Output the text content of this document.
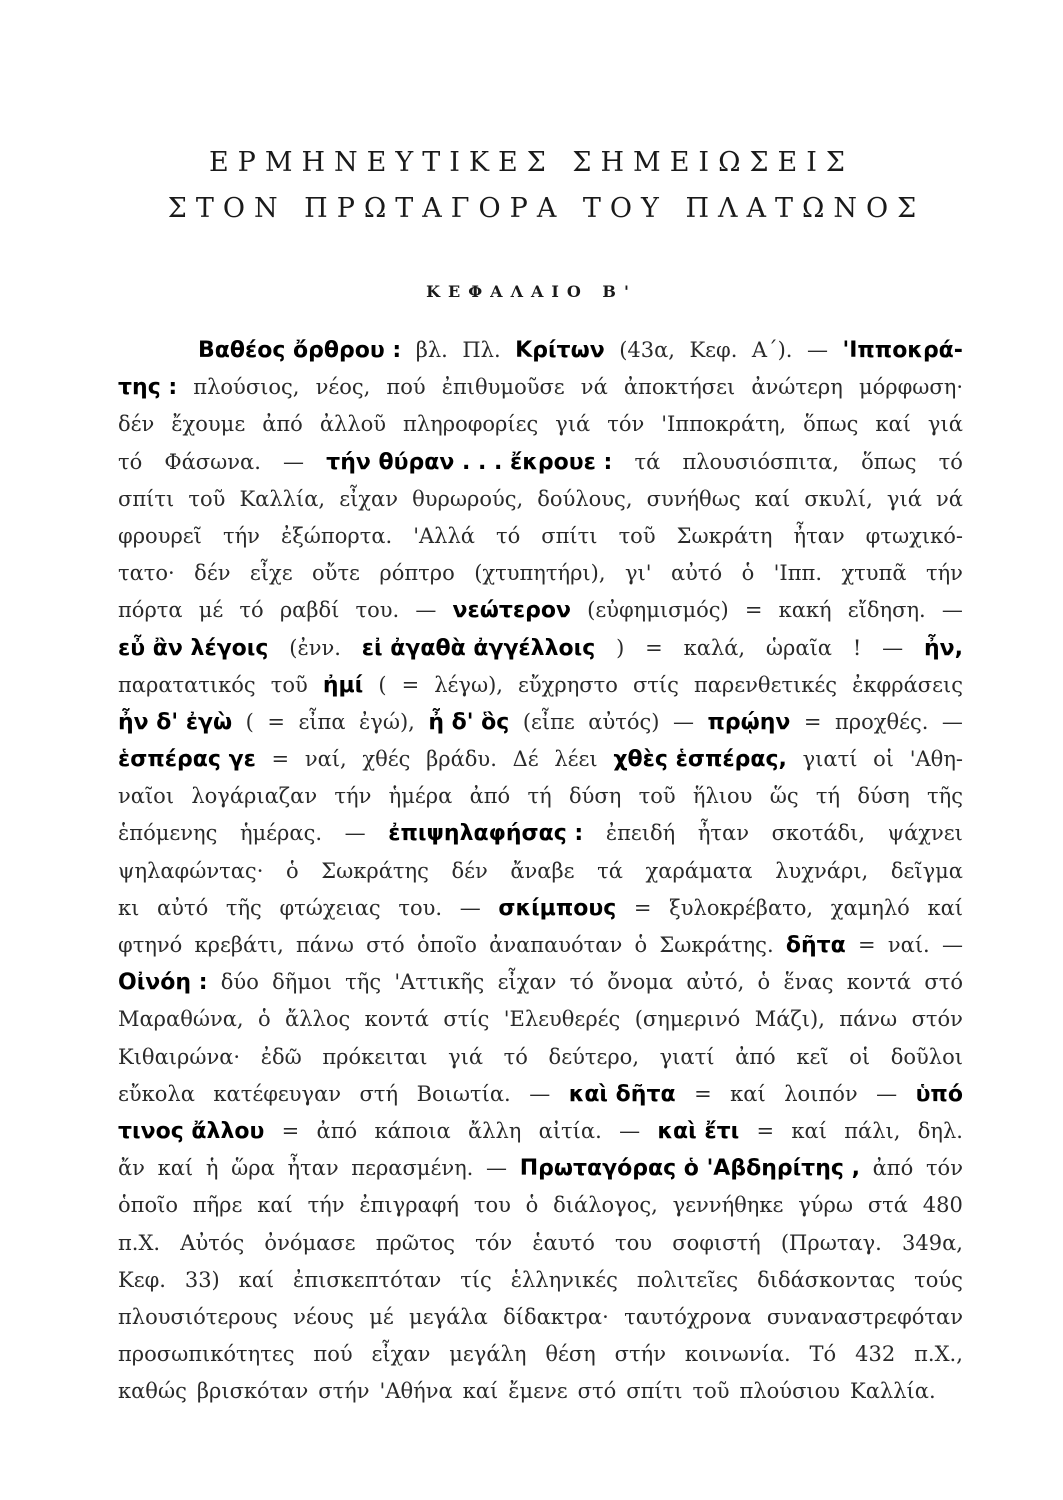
ΕΡΜΗΝΕΥΤΙΚΕΣ ΣΗΜΕΙΩΣΕΙΣ
ΣΤΟΝ ΠΡΩΤΑΓΟΡΑ ΤΟΥ ΠΛΑΤΩΝΟΣ
ΚΕΦΑΛΑΙΟ Β'
Βαθέος ὄρθρου : βλ. Πλ. Κρίτων (43α, Κεφ. Α΄). — 'Ιπποκρά-
της : πλούσιος, νέος, πού ἐπιθυμοῦσε νά ἀποκτήσει ἀνώτερη μόρφωση·
δέν ἔχουμε ἀπό ἀλλοῦ πληροφορίες γιά τόν 'Ιπποκράτη, ὅπως καί γιά
τό Φάσωνα. — τήν θύραν . . . ἔκρουε : τά πλουσιόσπιτα, ὅπως τό
σπίτι τοῦ Καλλία, εἶχαν θυρωρούς, δούλους, συνήθως καί σκυλί, γιά νά
φρουρεῖ τήν ἐξώπορτα. 'Αλλά τό σπίτι τοῦ Σωκράτη ἦταν φτωχικό-
τατο· δέν εἶχε οὔτε ρόπτρο (χτυπητήρι), γι' αὐτό ὁ 'Ιππ. χτυπᾶ τήν
πόρτα μέ τό ραβδί του. — νεώτερον (εὐφημισμός) = κακή εἴδηση. —
εὖ ἂν λέγοις (ἐνν. εἰ ἀγαθὰ ἀγγέλλοις ) = καλά, ὡραῖα ! — ἦν,
παρατατικός τοῦ ἠμί ( = λέγω), εὔχρηστο στίς παρενθετικές ἐκφράσεις
ἦν δ' ἐγὼ ( = εἶπα ἐγώ), ἦ δ' ὃς (εἶπε αὐτός) — πρῴην = προχθές. —
ἑσπέρας γε = ναί, χθές βράδυ. Δέ λέει χθὲς ἑσπέρας, γιατί οἱ 'Αθη-
ναῖοι λογάριαζαν τήν ἡμέρα ἀπό τή δύση τοῦ ἥλιου ὥς τή δύση τῆς
ἑπόμενης ἡμέρας. — ἐπιψηλαφήσας : ἐπειδή ἦταν σκοτάδι, ψάχνει
ψηλαφώντας· ὁ Σωκράτης δέν ἄναβε τά χαράματα λυχνάρι, δεῖγμα
κι αὐτό τῆς φτώχειας του. — σκίμπους = ξυλοκρέβατο, χαμηλό καί
φτηνό κρεβάτι, πάνω στό ὁποῖο ἀναπαυόταν ὁ Σωκράτης. δῆτα = ναί. —
Οἰνόη : δύο δῆμοι τῆς 'Αττικῆς εἶχαν τό ὄνομα αὐτό, ὁ ἕνας κοντά στό
Μαραθώνα, ὁ ἄλλος κοντά στίς 'Ελευθερές (σημερινό Μάζι), πάνω στόν
Κιθαιρώνα· ἐδῶ πρόκειται γιά τό δεύτερο, γιατί ἀπό κεῖ οἱ δοῦλοι
εὔκολα κατέφευγαν στή Βοιωτία. — καὶ δῆτα = καί λοιπόν — ὑπό
τινος ἄλλου = ἀπό κάποια ἄλλη αἰτία. — καὶ ἔτι = καί πάλι, δηλ.
ἄν καί ἡ ὥρα ἦταν περασμένη. — Πρωταγόρας ὁ 'Αβδηρίτης , ἀπό τόν
ὁποῖο πῆρε καί τήν ἐπιγραφή του ὁ διάλογος, γεννήθηκε γύρω στά 480
π.Χ. Αὐτός ὀνόμασε πρῶτος τόν ἑαυτό του σοφιστή (Πρωταγ. 349α,
Κεφ. 33) καί ἐπισκεπτόταν τίς ἑλληνικές πολιτεῖες διδάσκοντας τούς
πλουσιότερους νέους μέ μεγάλα δίδακτρα· ταυτόχρονα συναναστρεφόταν
προσωπικότητες πού εἶχαν μεγάλη θέση στήν κοινωνία. Τό 432 π.Χ.,
καθώς βρισκόταν στήν 'Αθήνα καί ἔμενε στό σπίτι τοῦ πλούσιου Καλλία.
